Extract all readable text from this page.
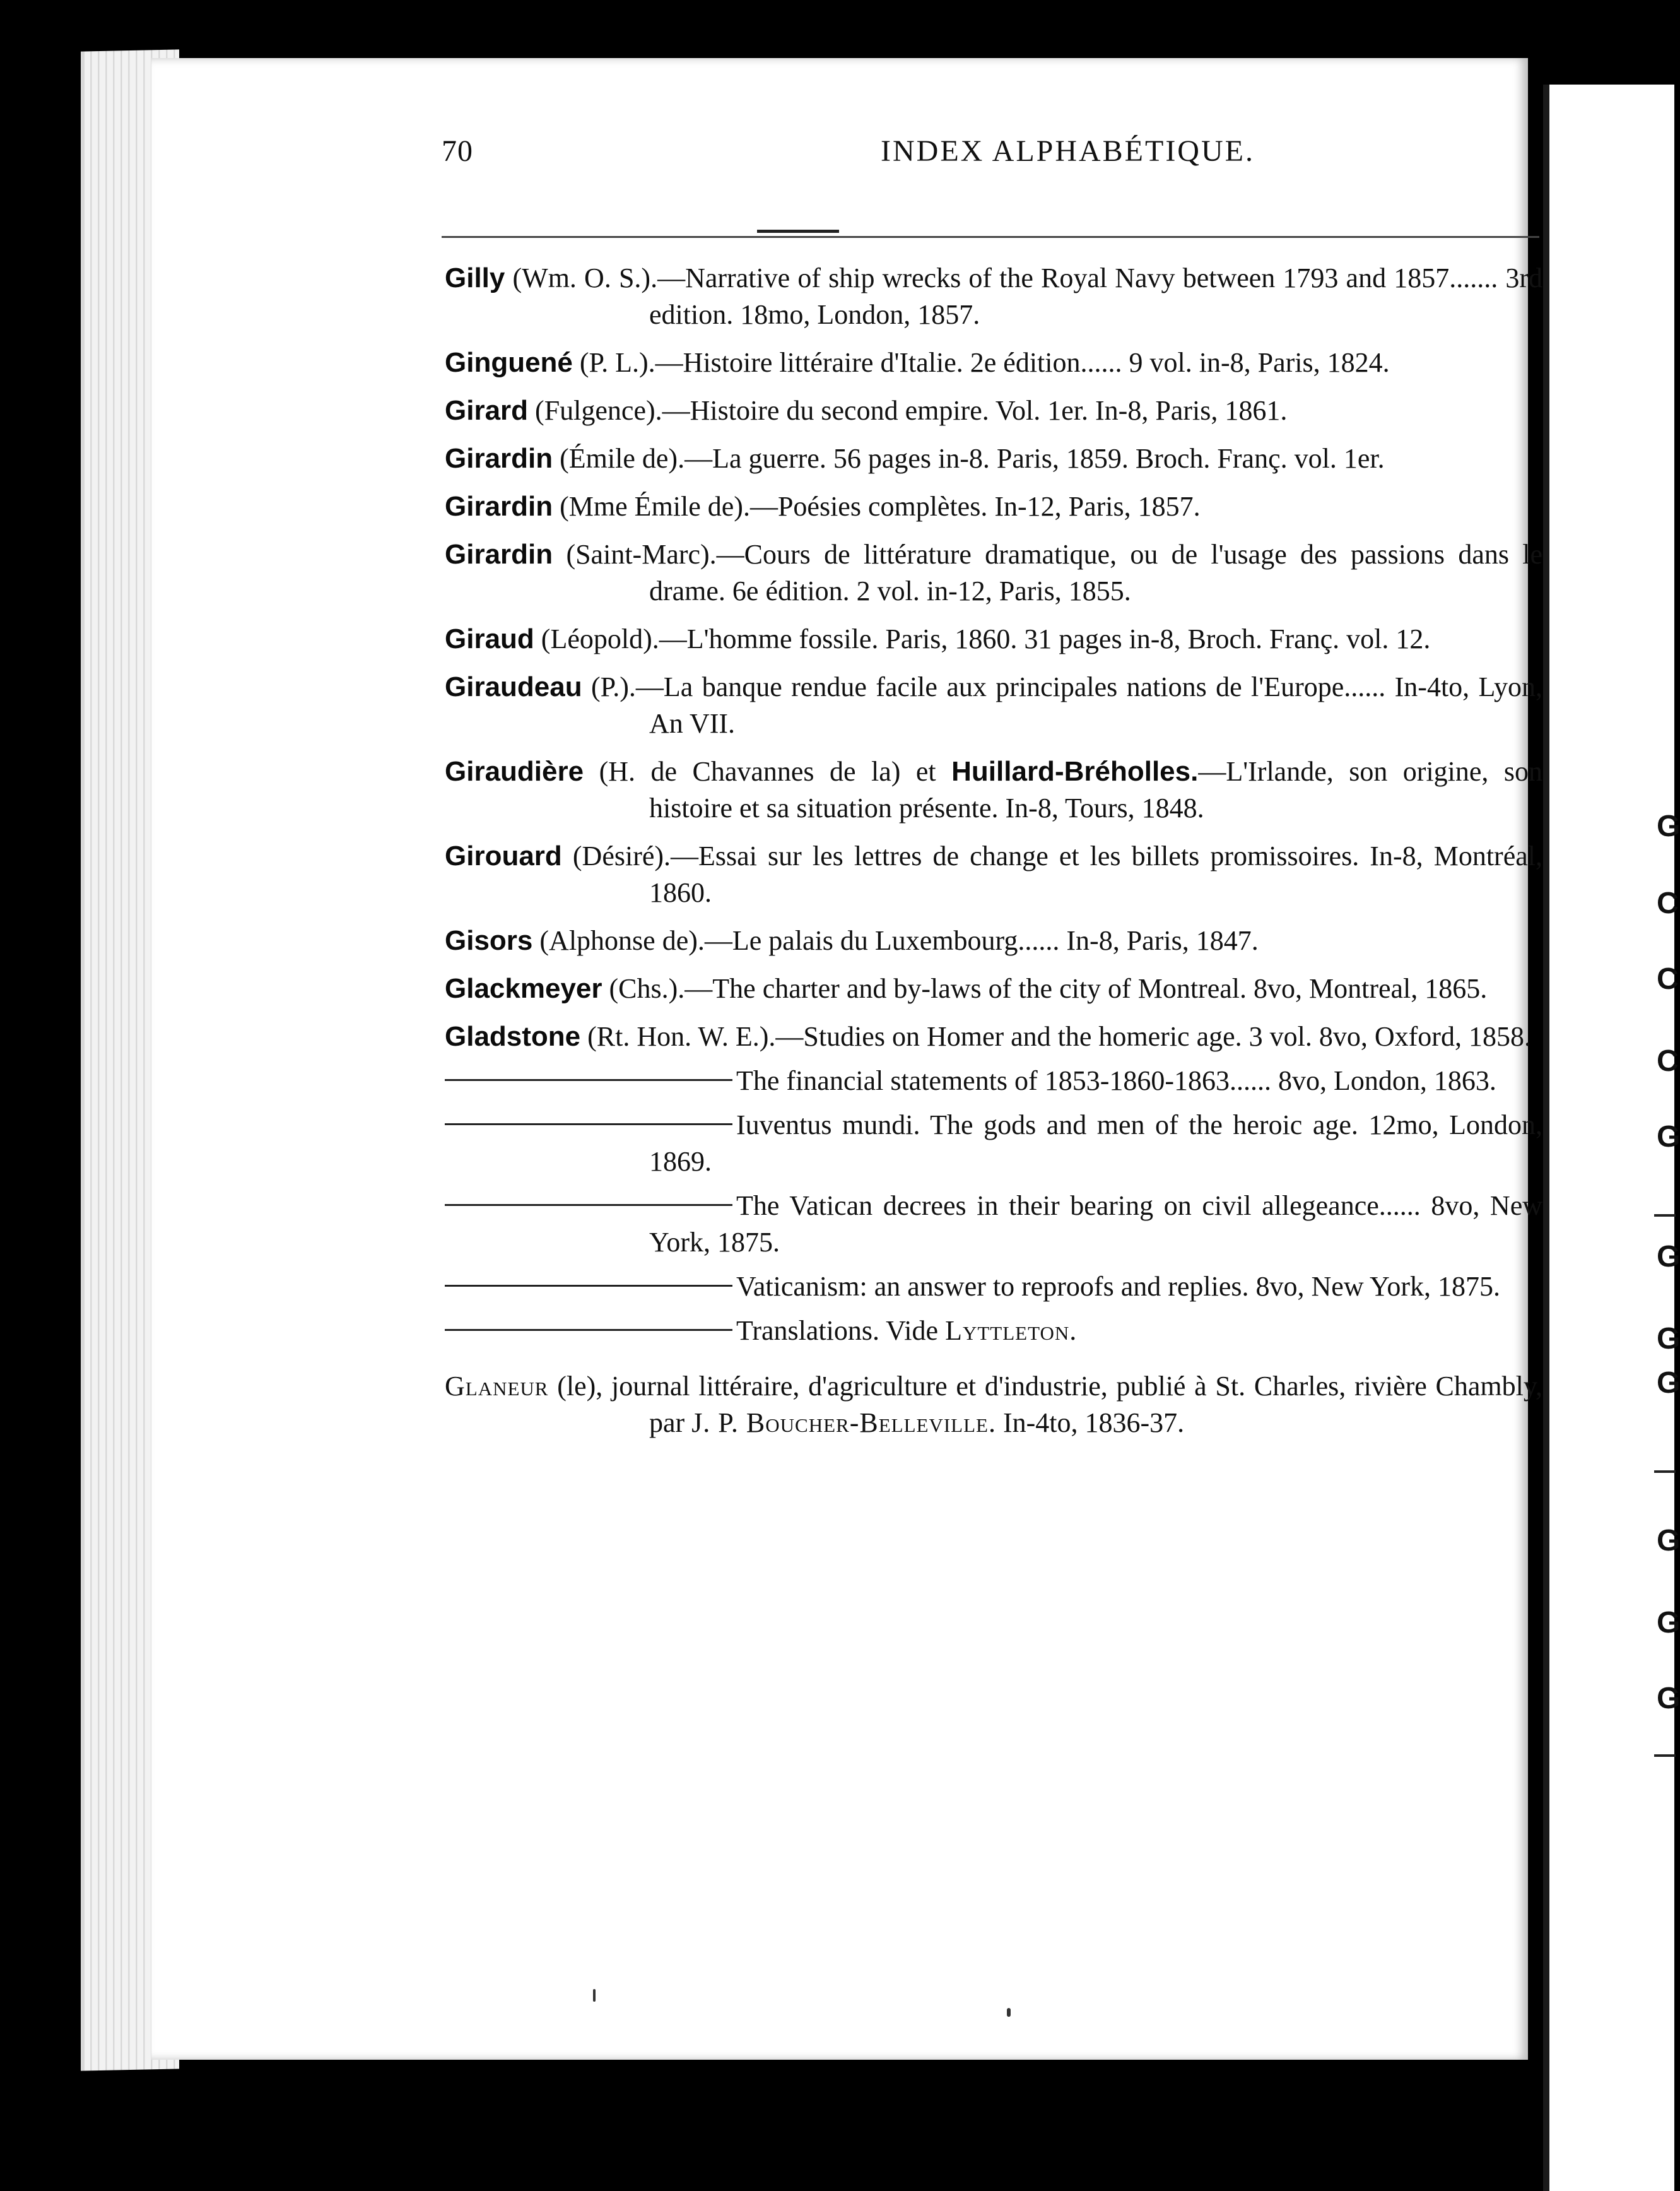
70	INDEX ALPHABÉTIQUE.
Gilly (Wm. O. S.).—Narrative of ship wrecks of the Royal Navy between 1793 and 1857....... 3rd edition. 18mo, London, 1857.
Ginguené (P. L.).—Histoire littéraire d'Italie. 2e édition...... 9 vol. in-8, Paris, 1824.
Girard (Fulgence).—Histoire du second empire. Vol. 1er. In-8, Paris, 1861.
Girardin (Émile de).—La guerre. 56 pages in-8. Paris, 1859. Broch. Franç. vol. 1er.
Girardin (Mme Émile de).—Poésies complètes. In-12, Paris, 1857.
Girardin (Saint-Marc).—Cours de littérature dramatique, ou de l'usage des passions dans le drame. 6e édition. 2 vol. in-12, Paris, 1855.
Giraud (Léopold).—L'homme fossile. Paris, 1860. 31 pages in-8, Broch. Franç. vol. 12.
Giraudeau (P.).—La banque rendue facile aux principales nations de l'Europe...... In-4to, Lyon, An VII.
Giraudière (H. de Chavannes de la) et Huillard-Bréholles.—L'Irlande, son origine, son histoire et sa situation présente. In-8, Tours, 1848.
Girouard (Désiré).—Essai sur les lettres de change et les billets promissoires. In-8, Montréal, 1860.
Gisors (Alphonse de).—Le palais du Luxembourg...... In-8, Paris, 1847.
Glackmeyer (Chs.).—The charter and by-laws of the city of Montreal. 8vo, Montreal, 1865.
Gladstone (Rt. Hon. W. E.).—Studies on Homer and the homeric age. 3 vol. 8vo, Oxford, 1858.
The financial statements of 1853-1860-1863...... 8vo, London, 1863.
Iuventus mundi. The gods and men of the heroic age. 12mo, London, 1869.
The Vatican decrees in their bearing on civil allegeance...... 8vo, New York, 1875.
Vaticanism: an answer to reproofs and replies. 8vo, New York, 1875.
Translations. Vide Lyttleton.
Glaneur (le), journal littéraire, d'agriculture et d'industrie, publié à St. Charles, rivière Chambly, par J. P. Boucher-Belleville. In-4to, 1836-37.
G
C
C
C
G
G
G
G
G
G
G
